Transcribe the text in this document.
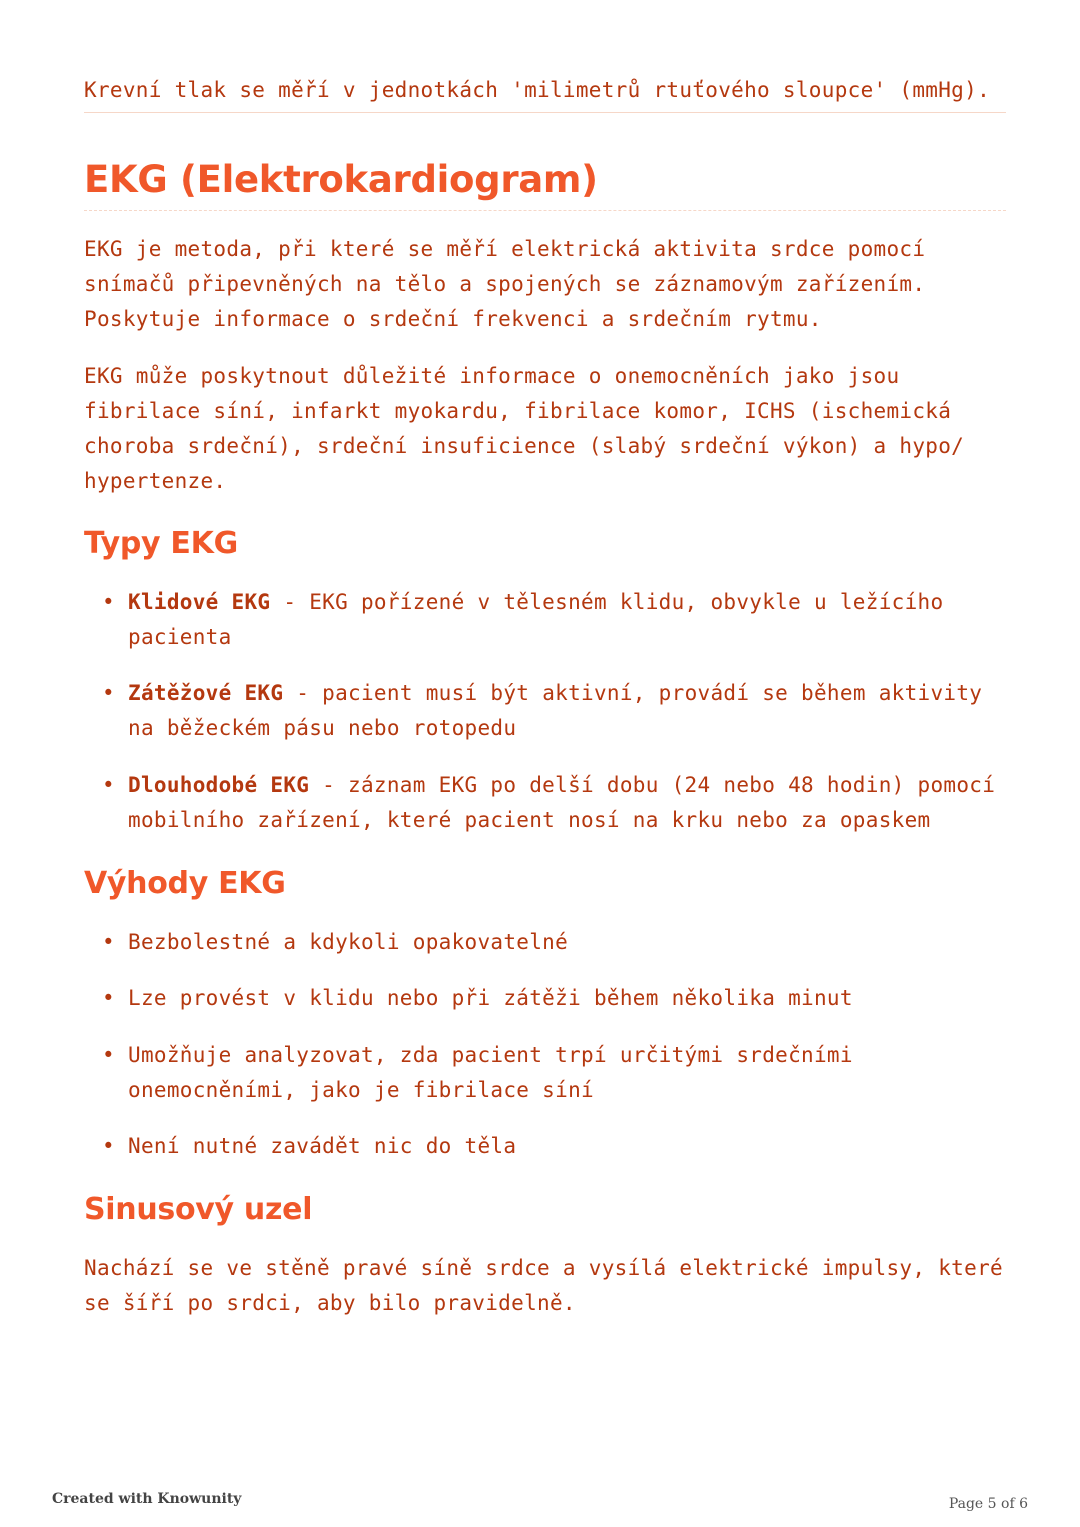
Krevní tlak se měří v jednotkách 'milimetrů rtuťového sloupce' (mmHg).

EKG (Elektrokardiogram)

EKG je metoda, při které se měří elektrická aktivita srdce pomocí snímačů připevněných na tělo a spojených se záznamovým zařízením. Poskytuje informace o srdeční frekvenci a srdečním rytmu.

EKG může poskytnout důležité informace o onemocněních jako jsou fibrilace síní, infarkt myokardu, fibrilace komor, ICHS (ischemická choroba srdeční), srdeční insuficience (slabý srdeční výkon) a hypo/ hypertenze.

Typy EKG

• Klidové EKG - EKG pořízené v tělesném klidu, obvykle u ležícího pacienta

• Zátěžové EKG - pacient musí být aktivní, provádí se během aktivity na běžeckém pásu nebo rotopedu

• Dlouhodobé EKG - záznam EKG po delší dobu (24 nebo 48 hodin) pomocí mobilního zařízení, které pacient nosí na krku nebo za opaskem

Výhody EKG

• Bezbolestné a kdykoli opakovatelné

• Lze provést v klidu nebo při zátěži během několika minut

• Umožňuje analyzovat, zda pacient trpí určitými srdečními onemocněními, jako je fibrilace síní

• Není nutné zavádět nic do těla

Sinusový uzel

Nachází se ve stěně pravé síně srdce a vysílá elektrické impulsy, které se šíří po srdci, aby bilo pravidelně.

Created with Knowunity	Page 5 of 6
